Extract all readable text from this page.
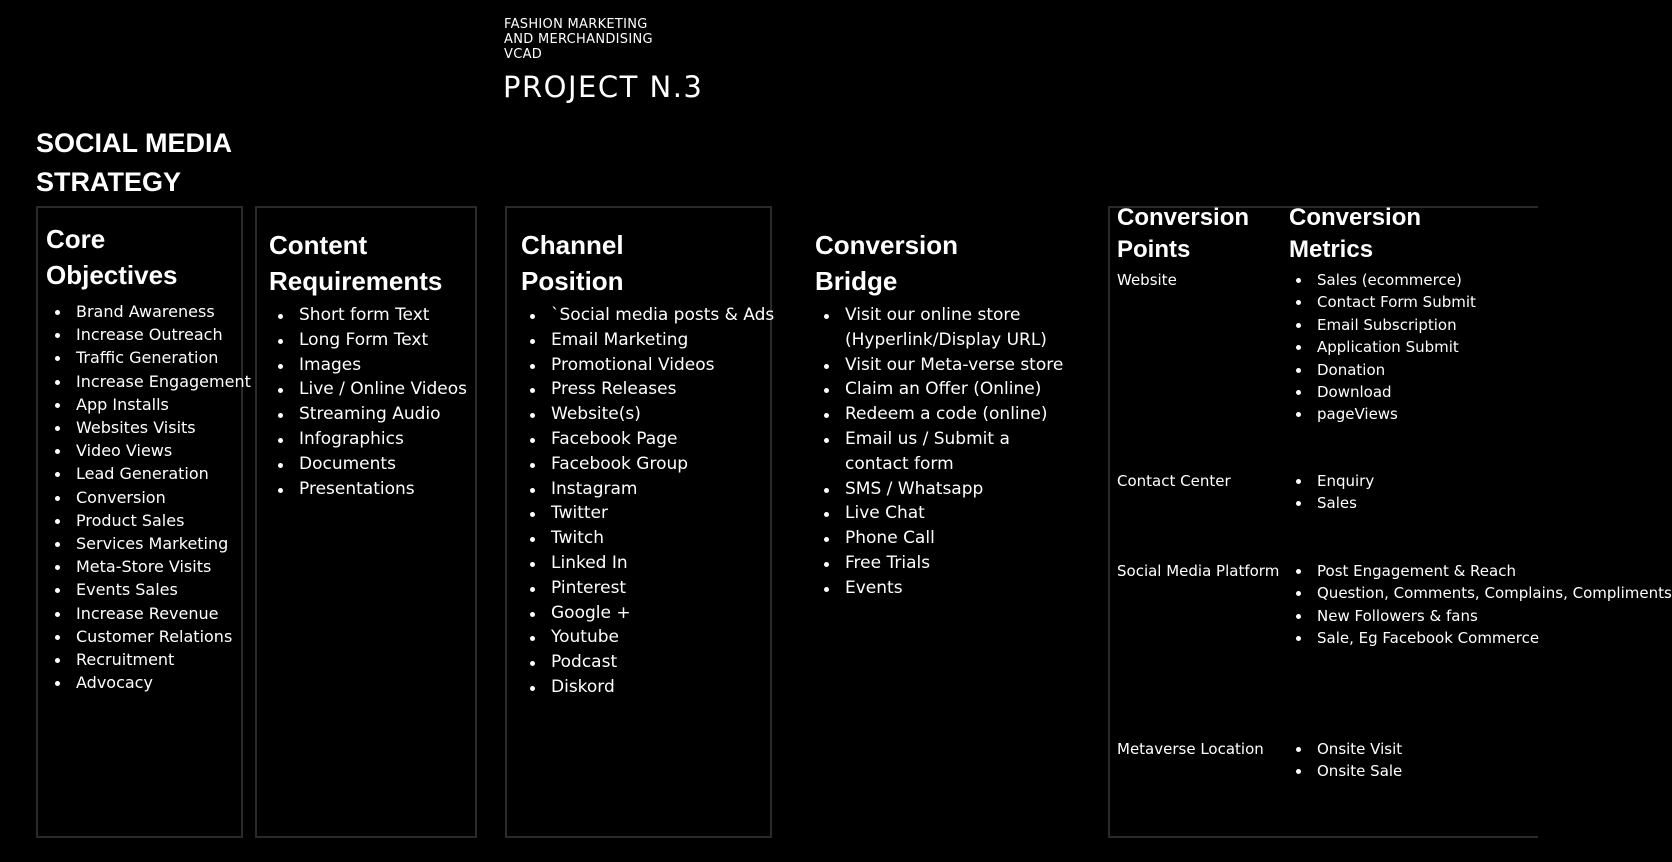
FASHION MARKETING
AND MERCHANDISING
VCAD
PROJECT N.3
SOCIAL MEDIA
STRATEGY
Core
Objectives
Brand Awareness
Increase Outreach
Traffic Generation
Increase Engagement
App Installs
Websites Visits
Video Views
Lead Generation
Conversion
Product Sales
Services Marketing
Meta-Store Visits
Events Sales
Increase Revenue
Customer Relations
Recruitment
Advocacy
Content
Requirements
Short form Text
Long Form Text
Images
Live / Online Videos
Streaming Audio
Infographics
Documents
Presentations
Channel
Position
`Social media posts & Ads
Email Marketing
Promotional Videos
Press Releases
Website(s)
Facebook Page
Facebook Group
Instagram
Twitter
Twitch
Linked In
Pinterest
Google +
Youtube
Podcast
Diskord
Conversion
Bridge
Visit our online store (Hyperlink/Display URL)
Visit our Meta-verse store
Claim an Offer (Online)
Redeem a code (online)
Email us / Submit a contact form
SMS / Whatsapp
Live Chat
Phone Call
Free Trials
Events
Conversion
Points
Conversion
Metrics
Website	Sales (ecommerce)
Contact Form Submit
Email Subscription
Application Submit
Donation
Download
pageViews
Contact Center	Enquiry
Sales
Social Media Platform	Post Engagement & Reach
Question, Comments, Complains, Compliments
New Followers & fans
Sale, Eg Facebook Commerce
Metaverse Location	Onsite Visit
Onsite Sale
